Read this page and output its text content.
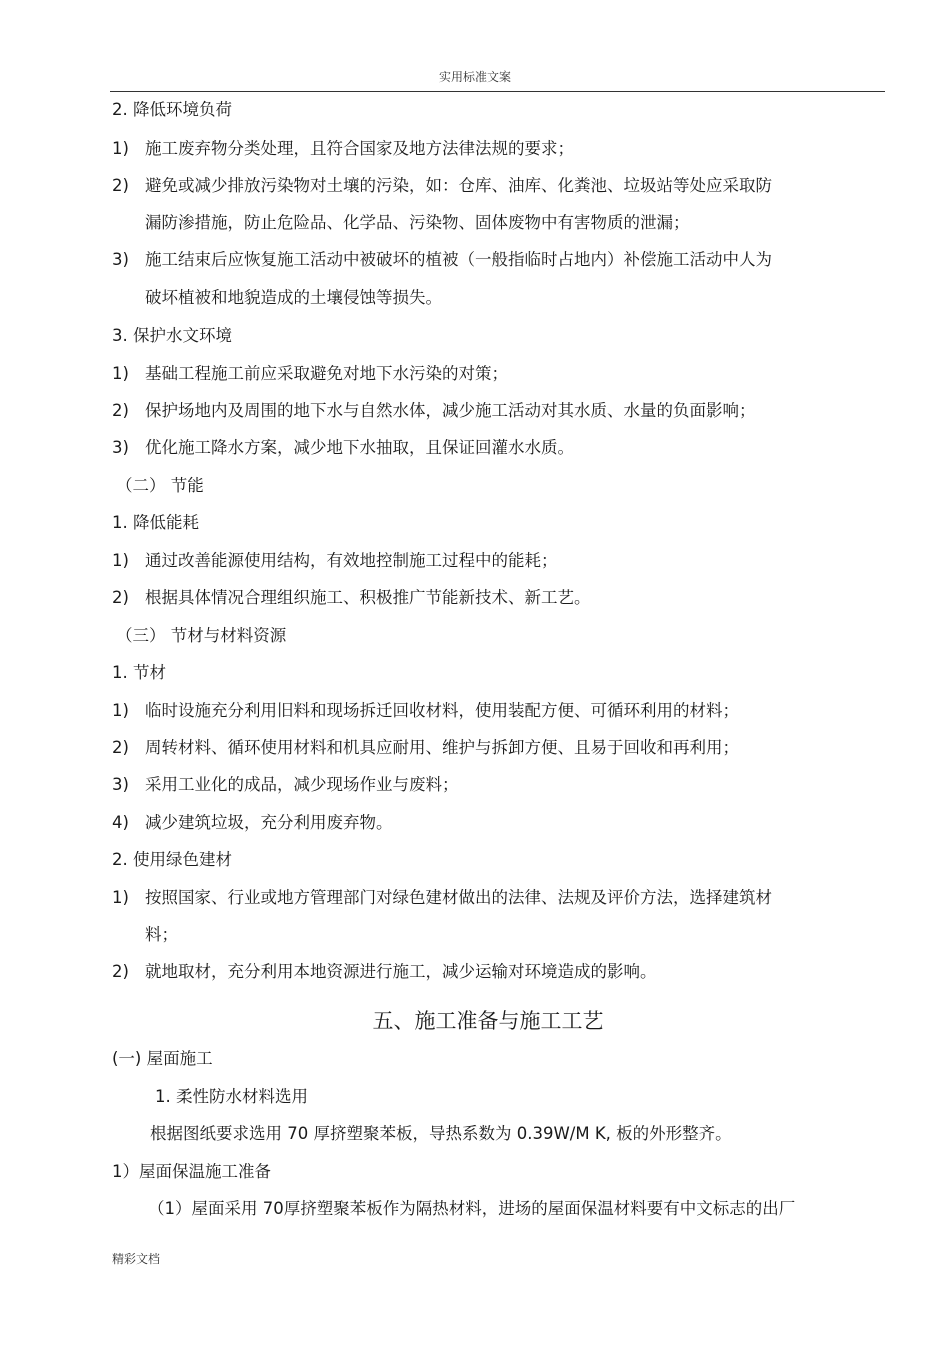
实用标准文案
2. 降低环境负荷
1) 施工废弃物分类处理，且符合国家及地方法律法规的要求；
2) 避免或减少排放污染物对土壤的污染，如：仓库、油库、化粪池、垃圾站等处应采取防
漏防渗措施，防止危险品、化学品、污染物、固体废物中有害物质的泄漏；
3) 施工结束后应恢复施工活动中被破坏的植被（一般指临时占地内）补偿施工活动中人为
破坏植被和地貌造成的土壤侵蚀等损失。
3. 保护水文环境
1) 基础工程施工前应采取避免对地下水污染的对策；
2) 保护场地内及周围的地下水与自然水体，减少施工活动对其水质、水量的负面影响；
3) 优化施工降水方案，减少地下水抽取，且保证回灌水水质。
（二） 节能
1. 降低能耗
1) 通过改善能源使用结构，有效地控制施工过程中的能耗；
2) 根据具体情况合理组织施工、积极推广节能新技术、新工艺。
（三） 节材与材料资源
1. 节材
1) 临时设施充分利用旧料和现场拆迁回收材料，使用装配方便、可循环利用的材料；
2) 周转材料、循环使用材料和机具应耐用、维护与拆卸方便、且易于回收和再利用；
3) 采用工业化的成品，减少现场作业与废料；
4) 减少建筑垃圾，充分利用废弃物。
2. 使用绿色建材
1) 按照国家、行业或地方管理部门对绿色建材做出的法律、法规及评价方法，选择建筑材
料；
2) 就地取材，充分利用本地资源进行施工，减少运输对环境造成的影响。
五、施工准备与施工工艺
(一) 屋面施工
1. 柔性防水材料选用
根据图纸要求选用 70 厚挤塑聚苯板，导热系数为 0.39W/M K, 板的外形整齐。
1）屋面保温施工准备
（1）屋面采用 70厚挤塑聚苯板作为隔热材料，进场的屋面保温材料要有中文标志的出厂
精彩文档
